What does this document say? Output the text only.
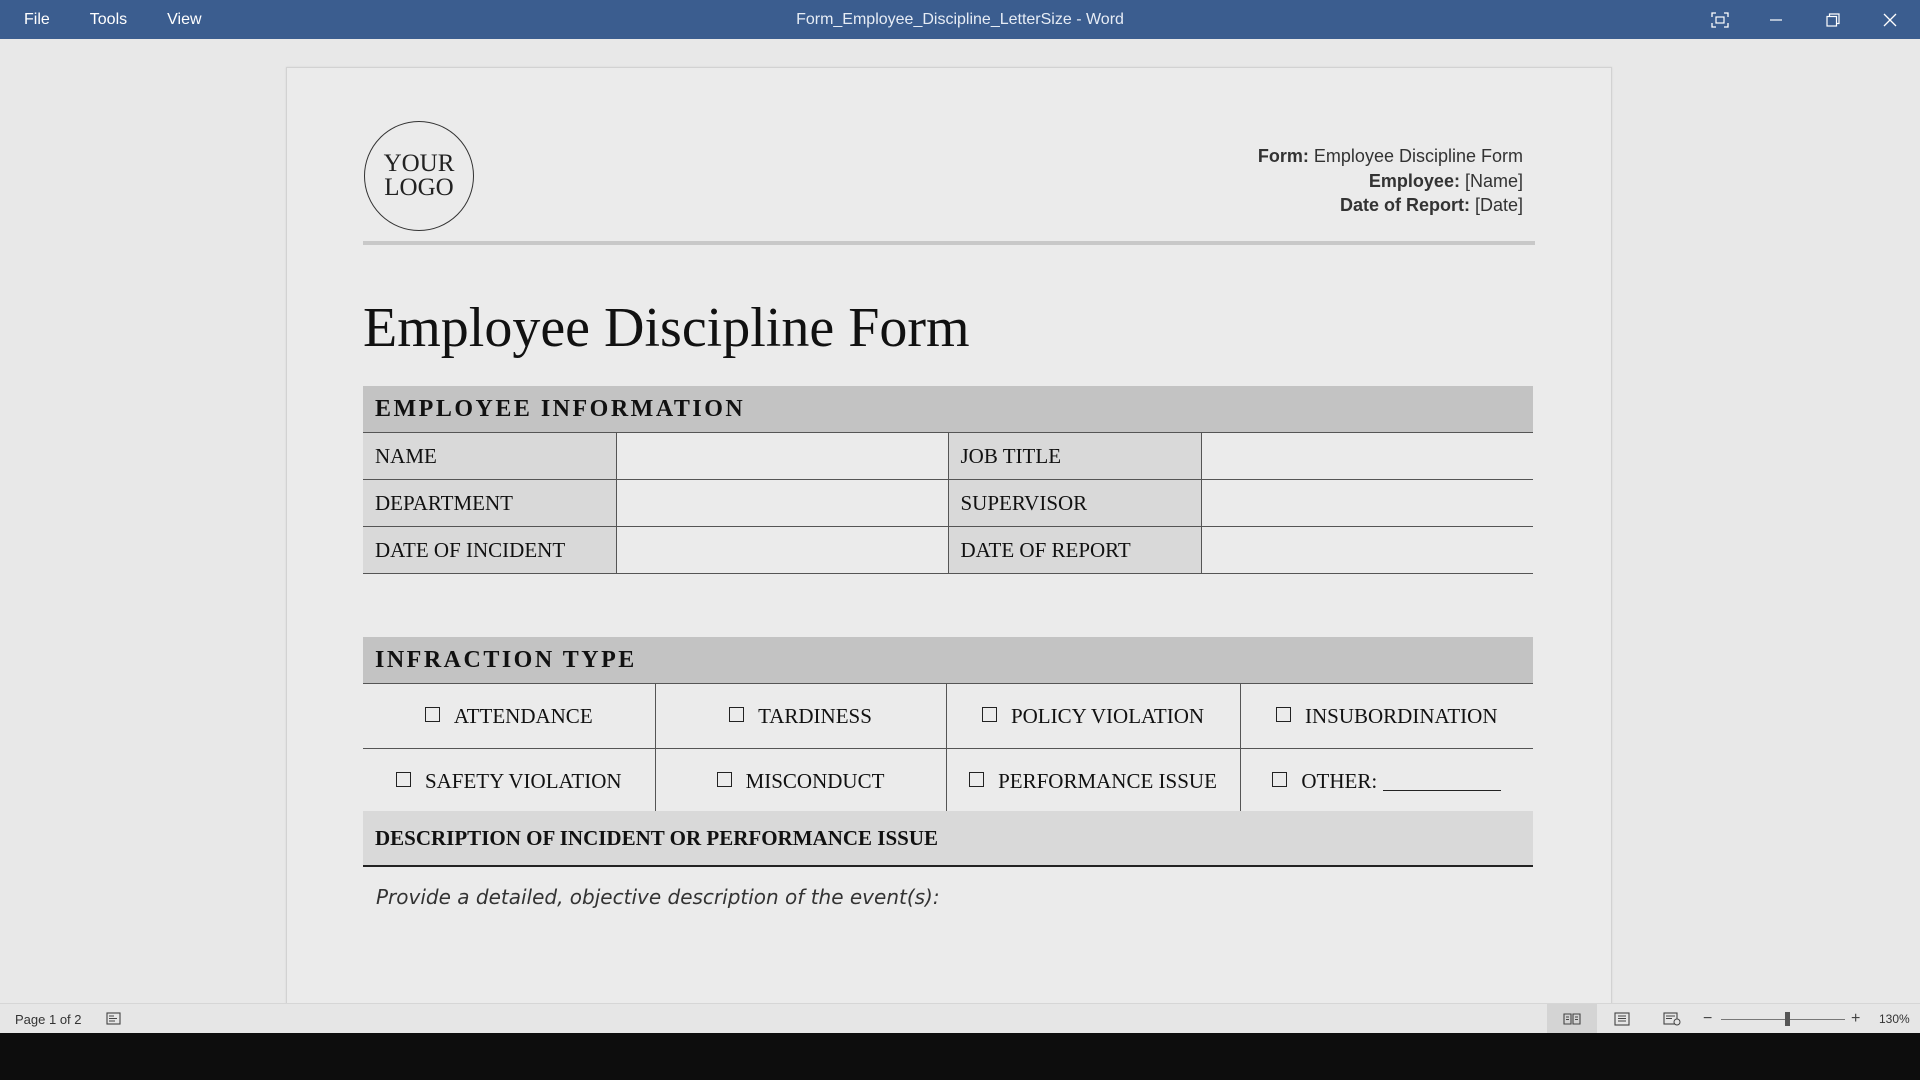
File	Tools	View	Form_Employee_Discipline_LetterSize - Word
YOUR
LOGO
Form: Employee Discipline Form
Employee: [Name]
Date of Report: [Date]
Employee Discipline Form
EMPLOYEE INFORMATION
NAME		JOB TITLE	
DEPARTMENT		SUPERVISOR	
DATE OF INCIDENT		DATE OF REPORT	
INFRACTION TYPE
ATTENDANCE	TARDINESS	POLICY VIOLATION	INSUBORDINATION
SAFETY VIOLATION	MISCONDUCT	PERFORMANCE ISSUE	OTHER:
DESCRIPTION OF INCIDENT OR PERFORMANCE ISSUE
Provide a detailed, objective description of the event(s):
Page 1 of 2	−	+ 130%
